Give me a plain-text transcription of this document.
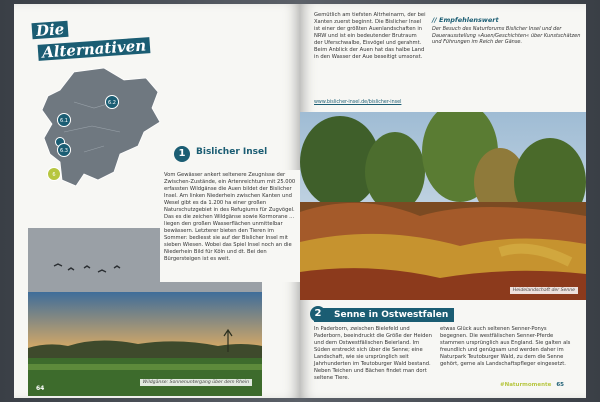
Die
Alternativen
6.2
6.1
6.3
6
1	Bislicher Insel

Vom Gewässer ankert seltenere Zeugnisse der Zwischen-Zustände, ein Artenreichtum mit 25.000 erfassten Wildgänse die Auen bildet der Bislicher Insel. Am linken Niederhein zwischen Kanten und Wesel gibt es da 1.200 ha einer großen Naturschutzgebiet in des Refugiums für Zugvögel. Das es die zeichen Wildgänse sowie Kormorane ... liegen den großen Wasserflächen unmittelbar bewässern. Letzterer bieten den Tieren im Sommer: bediesst sie auf der Bislicher Insel mit sieben Wiesen. Wobei das Spiel Insel noch an die Niederhein Bild für Köln und dt. Bei den Bürgersteigen ist es weit.

Wildgänse: Sonnenuntergang über dem Rhein
64

Gemütlich am tiefsten Altrheinarm, der bei Xanten zuerst beginnt. Die Bislicher Insel ist einer der größten Auenlandschaften in NRW und ist ein bedeutender Brutraum der Uferschwalbe, Eisvögel und gerahmt. Beim Anblick der Auen hat das halbe Land in den Wasser der Aue beseitigt umsonst.

www.bislicher-insel.de/bislicher-insel
// Empfehlenswert
Der Besuch des Naturforums Bislicher Insel und der Dauerausstellung »Auen/Geschichten« über Kunstschätzen und Führungen im Reich der Gänse.
Heidelandschaft der Senne
2	Senne in Ostwestfalen

In Paderborn, zwischen Bielefeld und Paderborn, beeindruckt die Größe der Heiden und dem Ostwestfälischen Beierland. Im Süden erstreckt sich über die Senne; eine Landschaft, wie sie ursprünglich seit Jahrhunderten im Teutoburger Wald bestand. Neben Teichen und Bächen findet man dort seltene Tiere.

etwas Glück auch seltenen Senner-Ponys begegnen. Die westfälischen Senner-Pferde stammen ursprünglich aus England. Sie galten als freundlich und genügsam und werden daher im Naturpark Teutoburger Wald, zu dem die Senne gehört, gerne als Landschaftspfleger eingesetzt.

#Naturmomente 65
